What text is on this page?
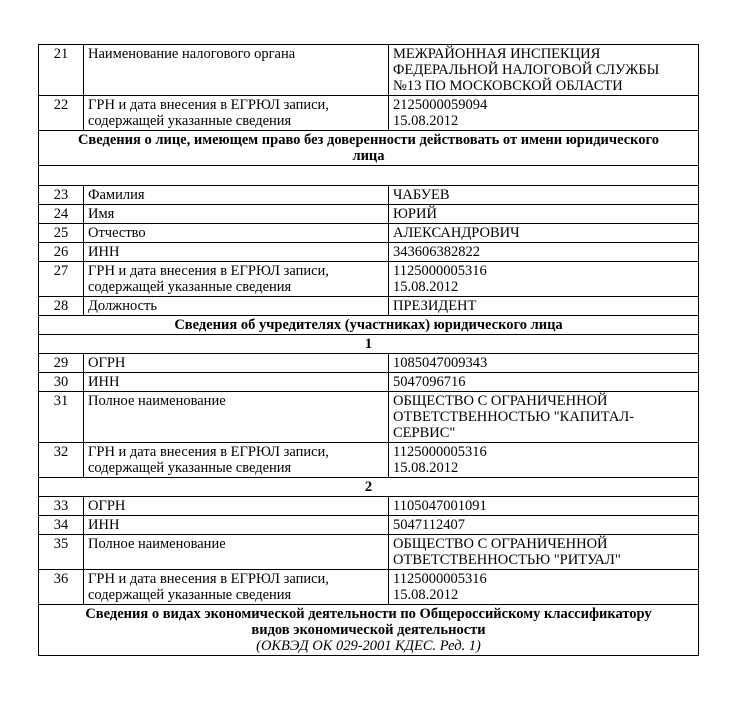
21	Наименование налогового органа	МЕЖРАЙОННАЯ ИНСПЕКЦИЯ
ФЕДЕРАЛЬНОЙ НАЛОГОВОЙ СЛУЖБЫ
№13 ПО МОСКОВСКОЙ ОБЛАСТИ

22	ГРН и дата внесения в ЕГРЮЛ записи,
содержащей указанные сведения	2125000059094
15.08.2012

Сведения о лице, имеющем право без доверенности действовать от имени юридического
лица		

23	Фамилия	ЧАБУЕВ
24	Имя	ЮРИЙ
25	Отчество	АЛЕКСАНДРОВИЧ
26	ИНН	343606382822
27	ГРН и дата внесения в ЕГРЮЛ записи,
содержащей указанные сведения	1125000005316
15.08.2012

28	Должность	ПРЕЗИДЕНТ
Сведения об учредителях (участниках) юридического лица		
1		
29	ОГРН	1085047009343
30	ИНН	5047096716
31	Полное наименование	ОБЩЕСТВО С ОГРАНИЧЕННОЙ
ОТВЕТСТВЕННОСТЬЮ "КАПИТАЛ-
СЕРВИС"

32	ГРН и дата внесения в ЕГРЮЛ записи,
содержащей указанные сведения	1125000005316
15.08.2012

2		
33	ОГРН	1105047001091
34	ИНН	5047112407
35	Полное наименование	ОБЩЕСТВО С ОГРАНИЧЕННОЙ
ОТВЕТСТВЕННОСТЬЮ "РИТУАЛ"

36	ГРН и дата внесения в ЕГРЮЛ записи,
содержащей указанные сведения	1125000005316
15.08.2012

Сведения о видах экономической деятельности по Общероссийскому классификатору
видов экономической деятельности
(ОКВЭД ОК 029-2001 КДЕС. Ред. 1)		
